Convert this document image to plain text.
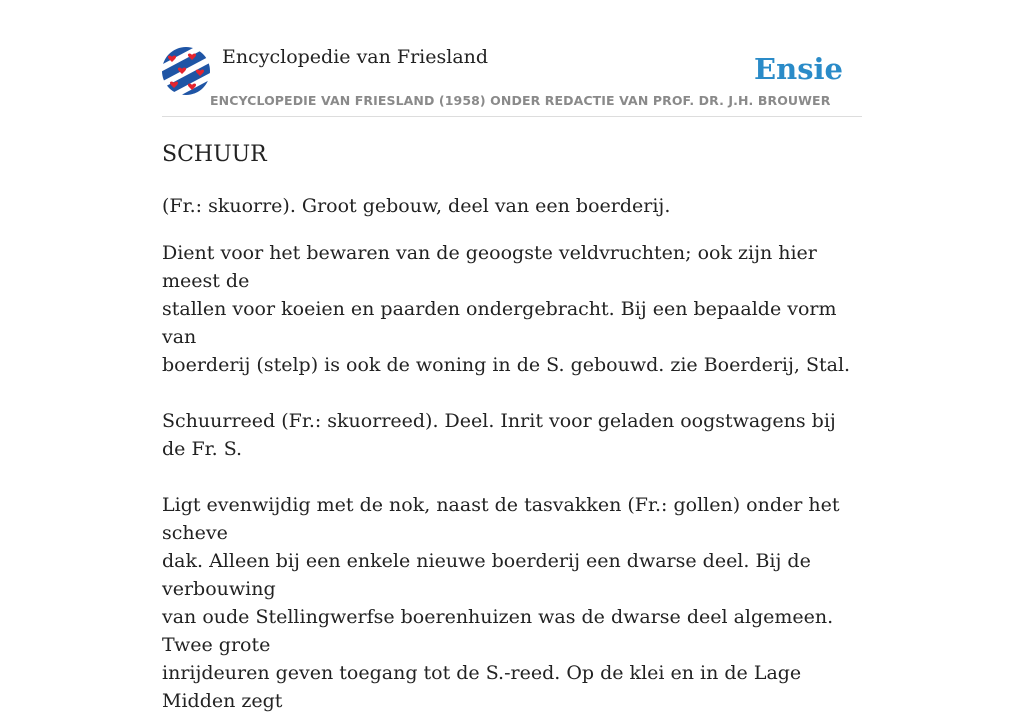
Encyclopedie van Friesland	Ensie
ENCYCLOPEDIE VAN FRIESLAND (1958) ONDER REDACTIE VAN PROF. DR. J.H. BROUWER
SCHUUR

(Fr.: skuorre). Groot gebouw, deel van een boerderij.

Dient voor het bewaren van de geoogste veldvruchten; ook zijn hier meest de
stallen voor koeien en paarden ondergebracht. Bij een bepaalde vorm van
boerderij (stelp) is ook de woning in de S. gebouwd. zie Boerderij, Stal.
Schuurreed (Fr.: skuorreed). Deel. Inrit voor geladen oogstwagens bij de Fr. S.
Ligt evenwijdig met de nok, naast de tasvakken (Fr.: gollen) onder het scheve
dak. Alleen bij een enkele nieuwe boerderij een dwarse deel. Bij de verbouwing
van oude Stellingwerfse boerenhuizen was de dwarse deel algemeen. Twee grote
inrijdeuren geven toegang tot de S.-reed. Op de klei en in de Lage Midden zegt
